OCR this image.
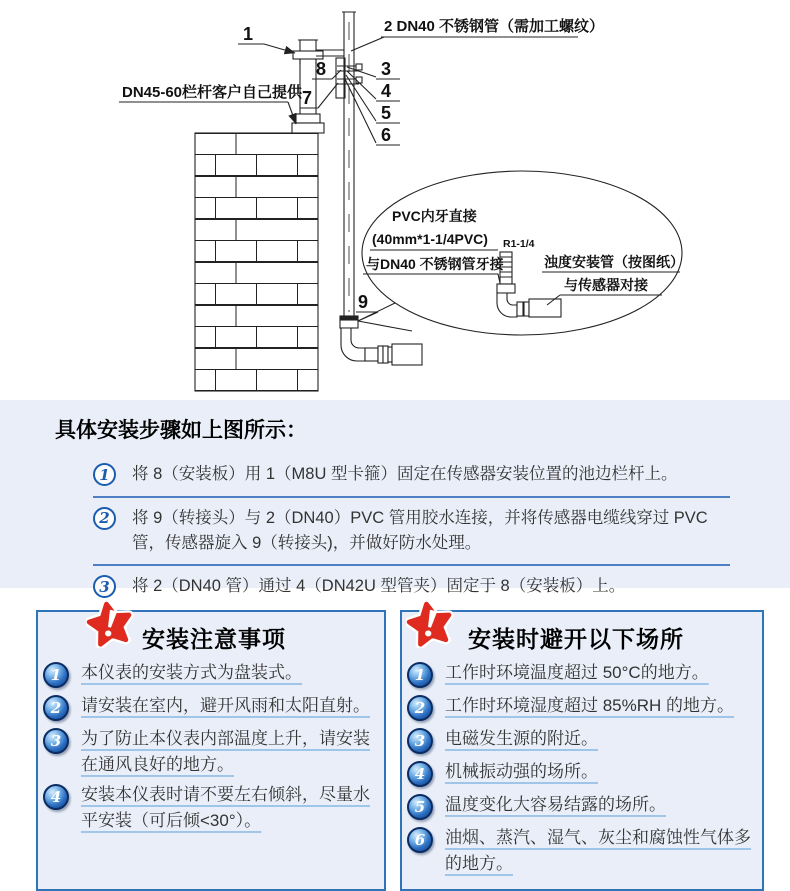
1	2 DN40 不锈钢管（需加工螺纹）
DN45-60栏杆客户自己提供
8
7
3
4
5
6
9
PVC内牙直接
(40mm*1-1/4PVC)
与DN40 不锈钢管牙接
R1-1/4
浊度安装管（按图纸）
与传感器对接
具体安装步骤如上图所示：
1	将 8（安装板）用 1（M8U 型卡箍）固定在传感器安装位置的池边栏杆上。

2	将 9（转接头）与 2（DN40）PVC 管用胶水连接，并将传感器电缆线穿过 PVC 管，传感器旋入 9（转接头)，并做好防水处理。

3	将 2（DN40 管）通过 4（DN42U 型管夹）固定于 8（安装板）上。

安装注意事项
1	本仪表的安装方式为盘装式。
2	请安装在室内，避开风雨和太阳直射。
3	为了防止本仪表内部温度上升，请安装在通风良好的地方。
4	安装本仪表时请不要左右倾斜，尽量水平安装（可后倾<30°）。
安装时避开以下场所
1	工作时环境温度超过 50°C的地方。
2	工作时环境湿度超过 85%RH 的地方。
3	电磁发生源的附近。
4	机械振动强的场所。
5	温度变化大容易结露的场所。
6	油烟、蒸汽、湿气、灰尘和腐蚀性气体多的地方。
